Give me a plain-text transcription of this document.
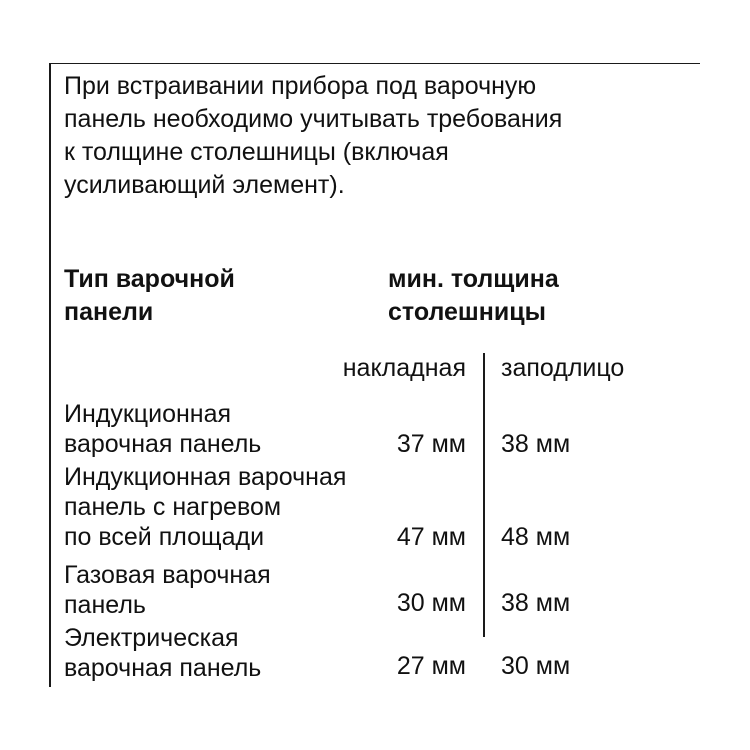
При встраивании прибора под варочную
панель необходимо учитывать требования
к толщине столешницы (включая
усиливающий элемент).

Тип варочной
панели
мин. толщина
столешницы
накладная заподлицо
Индукционная
варочная панель	37 мм 38 мм
Индукционная варочная
панель с нагревом
по всей площади	47 мм 48 мм
Газовая варочная
панель	30 мм 38 мм
Электрическая
варочная панель	27 мм 30 мм
